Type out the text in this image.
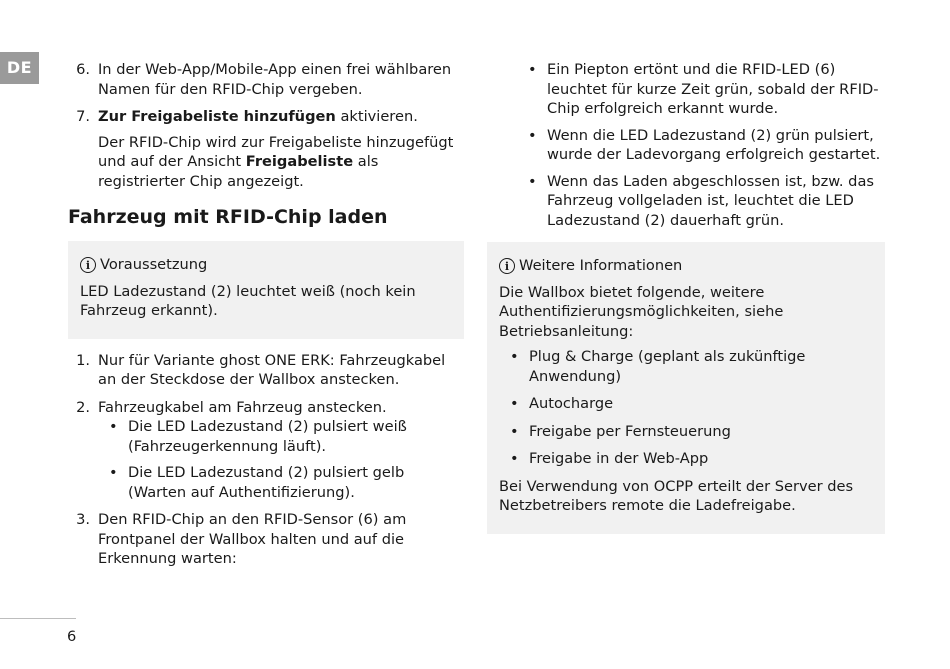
DE	6. In der Web-App/Mobile-App einen frei wählbaren Namen für den RFID-Chip vergeben.
7. Zur Freigabeliste hinzufügen aktivieren.

Der RFID-Chip wird zur Freigabeliste hinzugefügt und auf der Ansicht Freigabeliste als registrierter Chip angezeigt.

Fahrzeug mit RFID-Chip laden
i Voraussetzung

LED Ladezustand (2) leuchtet weiß (noch kein Fahrzeug erkannt).

1. Nur für Variante ghost ONE ERK: Fahrzeugkabel an der Steckdose der Wallbox anstecken.
2. Fahrzeugkabel am Fahrzeug anstecken.
• Die LED Ladezustand (2) pulsiert weiß (Fahrzeugerkennung läuft).
• Die LED Ladezustand (2) pulsiert gelb (Warten auf Authentifizierung).
3. Den RFID-Chip an den RFID-Sensor (6) am Frontpanel der Wallbox halten und auf die Erkennung warten:
• Ein Piepton ertönt und die RFID-LED (6) leuchtet für kurze Zeit grün, sobald der RFID-Chip erfolgreich erkannt wurde.
• Wenn die LED Ladezustand (2) grün pulsiert, wurde der Ladevorgang erfolgreich gestartet.
• Wenn das Laden abgeschlossen ist, bzw. das Fahrzeug vollgeladen ist, leuchtet die LED Ladezustand (2) dauerhaft grün.
i Weitere Informationen

Die Wallbox bietet folgende, weitere Authentifizierungsmöglichkeiten, siehe Betriebsanleitung:

• Plug & Charge (geplant als zukünftige Anwendung)
• Autocharge
• Freigabe per Fernsteuerung
• Freigabe in der Web-App

Bei Verwendung von OCPP erteilt der Server des Netzbetreibers remote die Ladefreigabe.

6
